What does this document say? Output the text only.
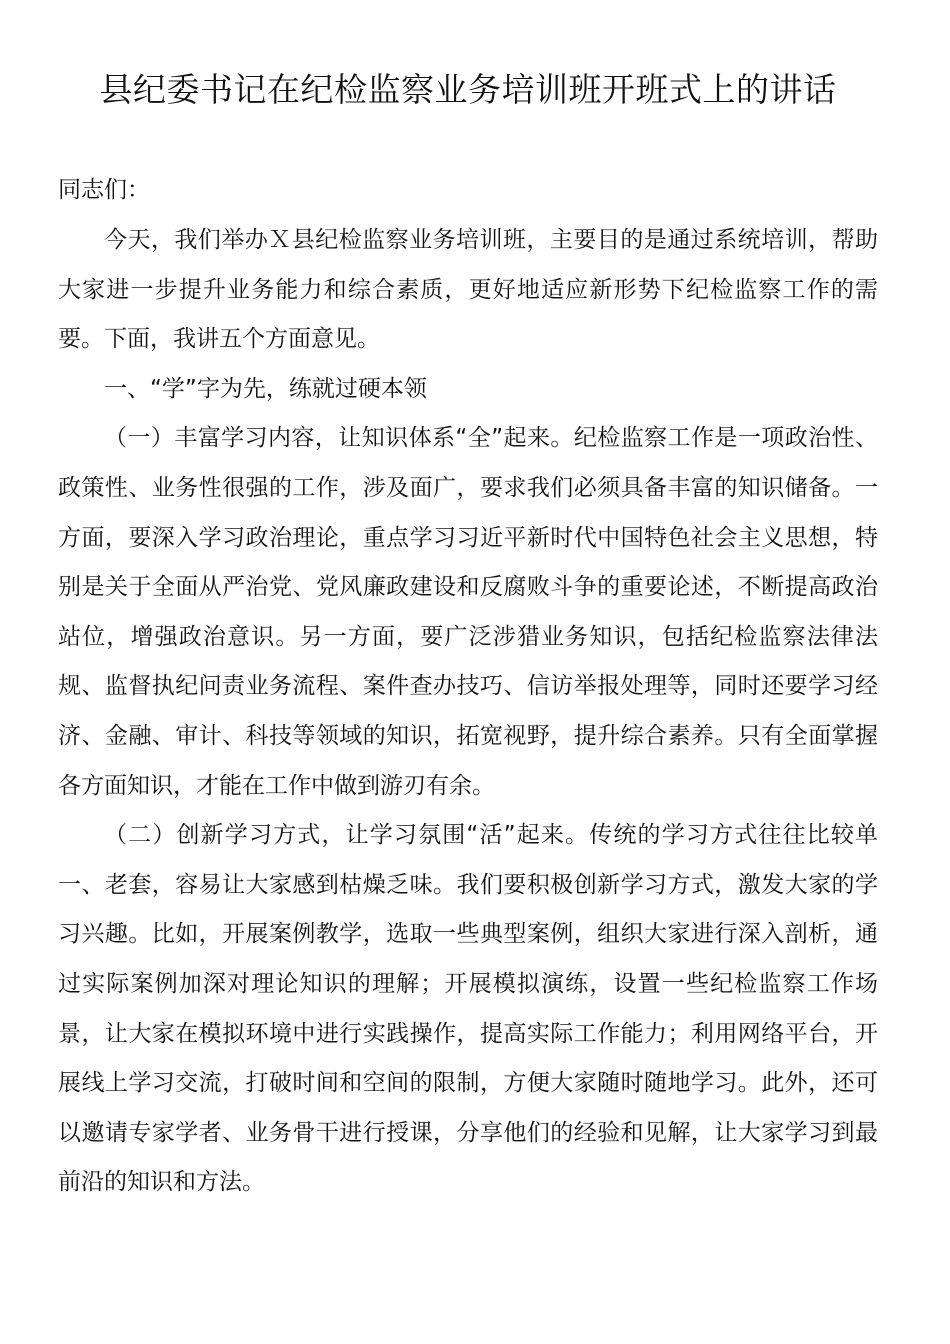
县纪委书记在纪检监察业务培训班开班式上的讲话

同志们：

今天，我们举办Ｘ县纪检监察业务培训班，主要目的是通过系统培训，帮助大家进一步提升业务能力和综合素质，更好地适应新形势下纪检监察工作的需要。下面，我讲五个方面意见。

一、“学”字为先，练就过硬本领

（一）丰富学习内容，让知识体系“全”起来。纪检监察工作是一项政治性、政策性、业务性很强的工作，涉及面广，要求我们必须具备丰富的知识储备。一方面，要深入学习政治理论，重点学习习近平新时代中国特色社会主义思想，特别是关于全面从严治党、党风廉政建设和反腐败斗争的重要论述，不断提高政治站位，增强政治意识。另一方面，要广泛涉猎业务知识，包括纪检监察法律法规、监督执纪问责业务流程、案件查办技巧、信访举报处理等，同时还要学习经济、金融、审计、科技等领域的知识，拓宽视野，提升综合素养。只有全面掌握各方面知识，才能在工作中做到游刃有余。

（二）创新学习方式，让学习氛围“活”起来。传统的学习方式往往比较单一、老套，容易让大家感到枯燥乏味。我们要积极创新学习方式，激发大家的学习兴趣。比如，开展案例教学，选取一些典型案例，组织大家进行深入剖析，通过实际案例加深对理论知识的理解；开展模拟演练，设置一些纪检监察工作场景，让大家在模拟环境中进行实践操作，提高实际工作能力；利用网络平台，开展线上学习交流，打破时间和空间的限制，方便大家随时随地学习。此外，还可以邀请专家学者、业务骨干进行授课，分享他们的经验和见解，让大家学习到最前沿的知识和方法。
